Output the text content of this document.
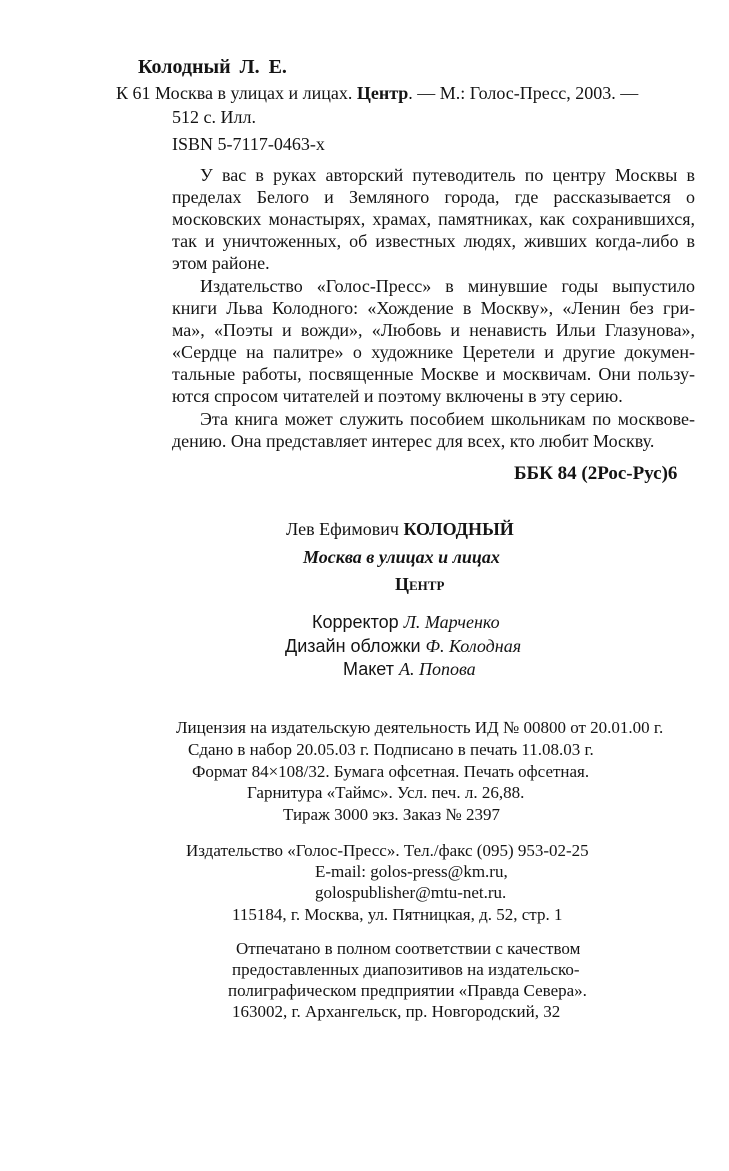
Колодный Л. Е.
К 61 Москва в улицах и лицах. Центр. — М.: Голос-Пресс, 2003. —
512 с. Илл.
ISBN 5-7117-0463-x
У вас в руках авторский путеводитель по центру Москвы в
пределах Белого и Земляного города, где рассказывается о
московских монастырях, храмах, памятниках, как сохранившихся,
так и уничтоженных, об известных людях, живших когда-либо в
этом районе.
Издательство «Голос-Пресс» в минувшие годы выпустило
книги Льва Колодного: «Хождение в Москву», «Ленин без гри-
ма», «Поэты и вожди», «Любовь и ненависть Ильи Глазунова»,
«Сердце на палитре» о художнике Церетели и другие докумен-
тальные работы, посвященные Москве и москвичам. Они пользу-
ются спросом читателей и поэтому включены в эту серию.
Эта книга может служить пособием школьникам по москвове-
дению. Она представляет интерес для всех, кто любит Москву.
ББК 84 (2Рос-Рус)6
Лев Ефимович КОЛОДНЫЙ
Москва в улицах и лицах
Центр
Корректор Л. Марченко
Дизайн обложки Ф. Колодная
Макет А. Попова
Лицензия на издательскую деятельность ИД № 00800 от 20.01.00 г.
Сдано в набор 20.05.03 г. Подписано в печать 11.08.03 г.
Формат 84×108/32. Бумага офсетная. Печать офсетная.
Гарнитура «Таймс». Усл. печ. л. 26,88.
Тираж 3000 экз. Заказ № 2397
Издательство «Голос-Пресс». Тел./факс (095) 953-02-25
E-mail: golos-press@km.ru,
golospublisher@mtu-net.ru.
115184, г. Москва, ул. Пятницкая, д. 52, стр. 1
Отпечатано в полном соответствии с качеством
предоставленных диапозитивов на издательско-
полиграфическом предприятии «Правда Севера».
163002, г. Архангельск, пр. Новгородский, 32
